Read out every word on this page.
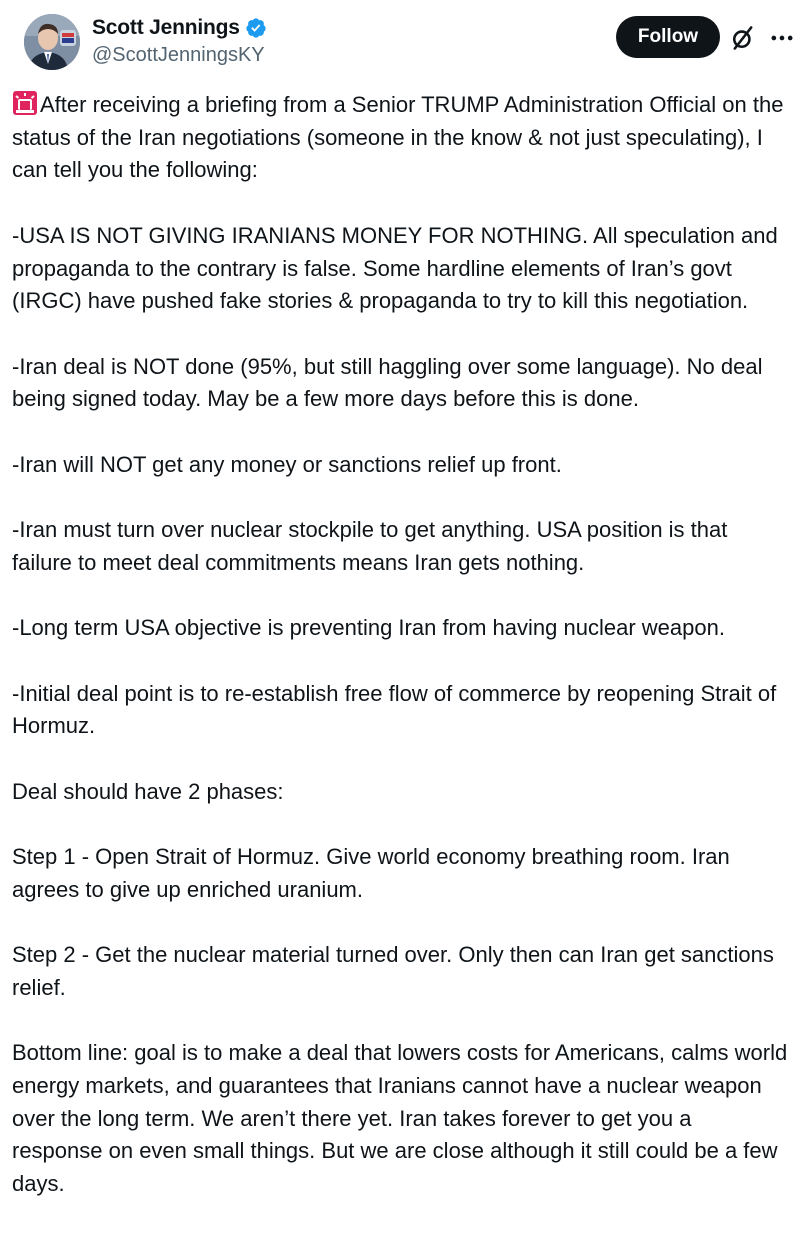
Scott Jennings
@ScottJenningsKY
Follow

After receiving a briefing from a Senior TRUMP Administration Official on the status of the Iran negotiations (someone in the know & not just speculating), I can tell you the following:

-USA IS NOT GIVING IRANIANS MONEY FOR NOTHING. All speculation and propaganda to the contrary is false. Some hardline elements of Iran’s govt (IRGC) have pushed fake stories & propaganda to try to kill this negotiation.

-Iran deal is NOT done (95%, but still haggling over some language). No deal being signed today. May be a few more days before this is done.

-Iran will NOT get any money or sanctions relief up front.

-Iran must turn over nuclear stockpile to get anything. USA position is that failure to meet deal commitments means Iran gets nothing.

-Long term USA objective is preventing Iran from having nuclear weapon.

-Initial deal point is to re-establish free flow of commerce by reopening Strait of Hormuz.

Deal should have 2 phases:

Step 1 - Open Strait of Hormuz. Give world economy breathing room. Iran agrees to give up enriched uranium.

Step 2 - Get the nuclear material turned over. Only then can Iran get sanctions relief.

Bottom line: goal is to make a deal that lowers costs for Americans, calms world energy markets, and guarantees that Iranians cannot have a nuclear weapon over the long term. We aren’t there yet. Iran takes forever to get you a response on even small things. But we are close although it still could be a few days.
